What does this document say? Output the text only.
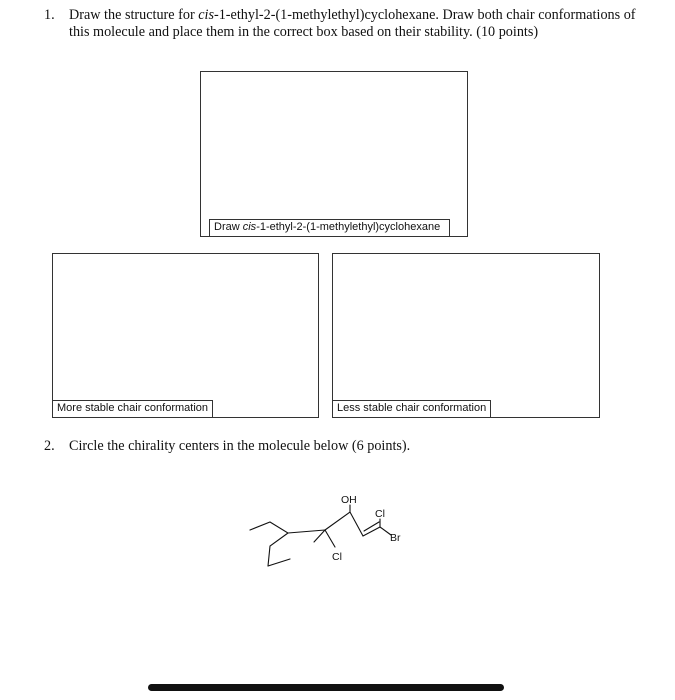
1.	Draw the structure for cis-1-ethyl-2-(1-methylethyl)cyclohexane. Draw both chair conformations of this molecule and place them in the correct box based on their stability. (10 points)
Draw cis-1-ethyl-2-(1-methylethyl)cyclohexane
More stable chair conformation	Less stable chair conformation
2.	Circle the chirality centers in the molecule below (6 points).
OH
Cl
Br
Cl
